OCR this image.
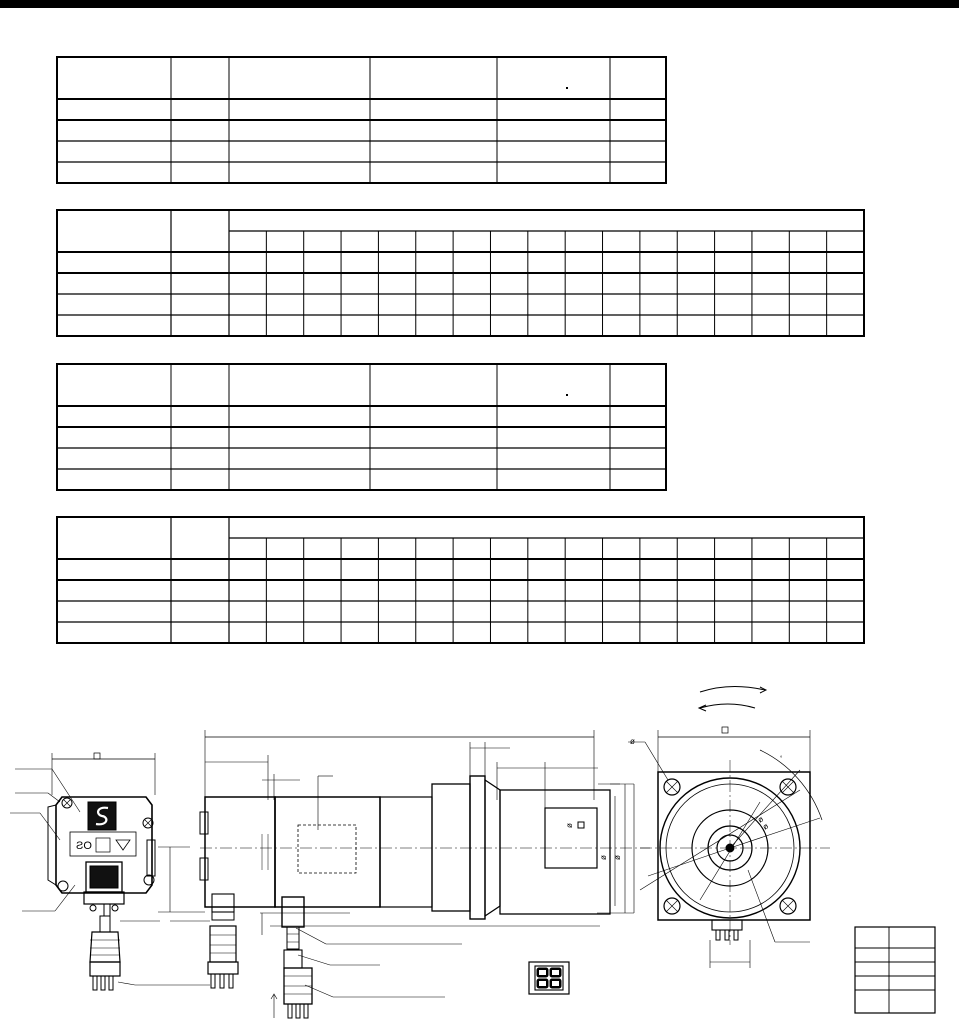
ƧO
ø
ø ø
ø
°
ø
ø
